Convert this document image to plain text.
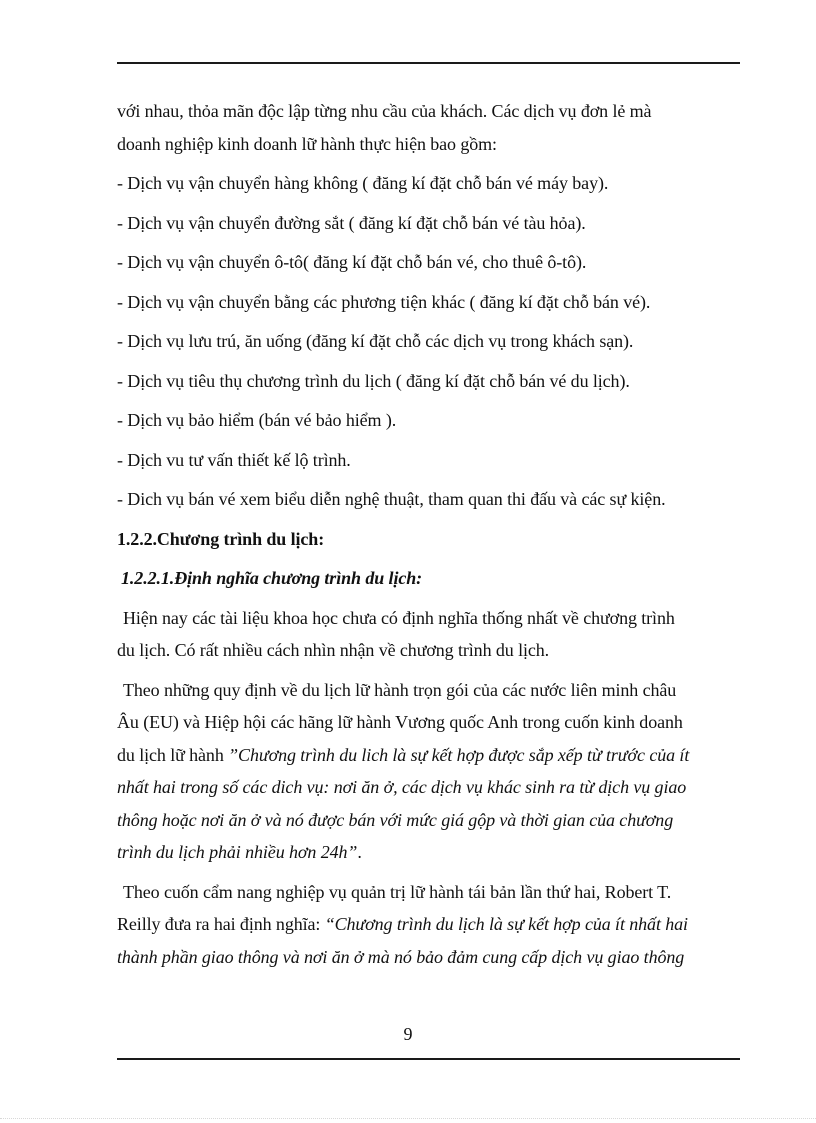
với nhau, thỏa mãn độc lập từng nhu cầu của khách. Các dịch vụ đơn lẻ mà

doanh nghiệp kinh doanh lữ hành thực hiện bao gồm:

- Dịch vụ vận chuyển hàng không ( đăng kí đặt chỗ bán vé máy bay).

- Dịch vụ vận chuyển đường sắt ( đăng kí đặt chỗ bán vé tàu hỏa).

- Dịch vụ vận chuyển ô-tô( đăng kí đặt chỗ bán vé, cho thuê ô-tô).

- Dịch vụ vận chuyển bằng các phương tiện khác ( đăng kí đặt chỗ bán vé).

- Dịch vụ lưu trú, ăn uống (đăng kí đặt chỗ các dịch vụ trong khách sạn).

- Dịch vụ tiêu thụ chương trình du lịch ( đăng kí đặt chỗ bán vé du lịch).

- Dịch vụ bảo hiểm (bán vé bảo hiểm ).

- Dịch vu tư vấn thiết kế lộ trình.

- Dich vụ bán vé xem biểu diễn nghệ thuật, tham quan thi đấu và các sự kiện.

1.2.2.Chương trình du lịch:

1.2.2.1.Định nghĩa chương trình du lịch:

Hiện nay các tài liệu khoa học chưa có định nghĩa thống nhất về chương trình

du lịch. Có rất nhiều cách nhìn nhận về chương trình du lịch.

Theo những quy định về du lịch lữ hành trọn gói của các nước liên minh châu

Âu (EU) và Hiệp hội các hãng lữ hành Vương quốc Anh trong cuốn kinh doanh

du lịch lữ hành ”Chương trình du lich là sự kết hợp được sắp xếp từ trước của ít

nhất hai trong số các dich vụ: nơi ăn ở, các dịch vụ khác sinh ra từ dịch vụ giao

thông hoặc nơi ăn ở và nó được bán với mức giá gộp và thời gian của chương

trình du lịch phải nhiều hơn 24h”.

Theo cuốn cẩm nang nghiệp vụ quản trị lữ hành tái bản lần thứ hai, Robert T.

Reilly đưa ra hai định nghĩa: “Chương trình du lịch là sự kết hợp của ít nhất hai

thành phần giao thông và nơi ăn ở mà nó bảo đảm cung cấp dịch vụ giao thông

9
